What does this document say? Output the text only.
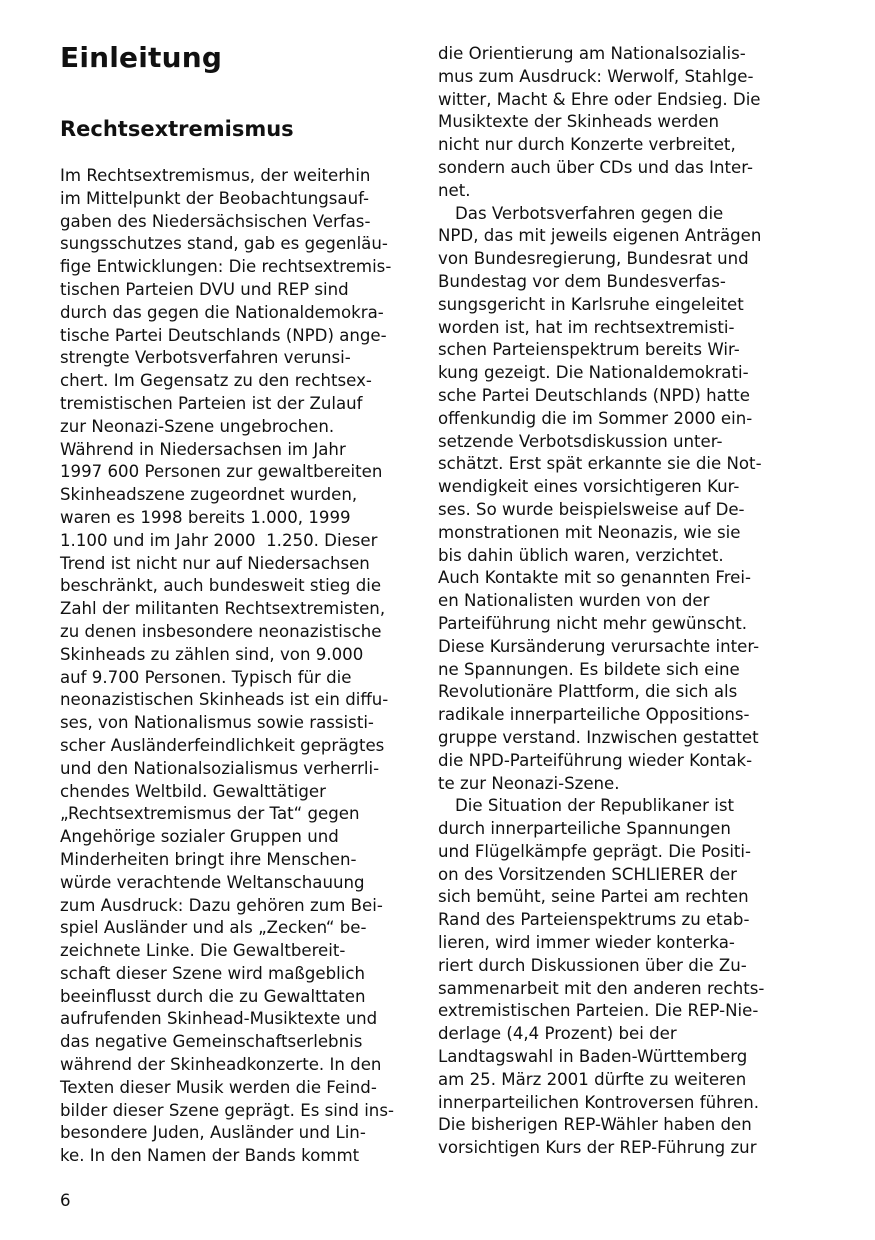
Einleitung
Rechtsextremismus
Im Rechtsextremismus, der weiterhin
im Mittelpunkt der Beobachtungsauf-
gaben des Niedersächsischen Verfas-
sungsschutzes stand, gab es gegenläu-
fige Entwicklungen: Die rechtsextremis-
tischen Parteien DVU und REP sind
durch das gegen die Nationaldemokra-
tische Partei Deutschlands (NPD) ange-
strengte Verbotsverfahren verunsi-
chert. Im Gegensatz zu den rechtsex-
tremistischen Parteien ist der Zulauf
zur Neonazi-Szene ungebrochen.
Während in Niedersachsen im Jahr
1997 600 Personen zur gewaltbereiten
Skinheadszene zugeordnet wurden,
waren es 1998 bereits 1.000, 1999
1.100 und im Jahr 2000  1.250. Dieser
Trend ist nicht nur auf Niedersachsen
beschränkt, auch bundesweit stieg die
Zahl der militanten Rechtsextremisten,
zu denen insbesondere neonazistische
Skinheads zu zählen sind, von 9.000
auf 9.700 Personen. Typisch für die
neonazistischen Skinheads ist ein diffu-
ses, von Nationalismus sowie rassisti-
scher Ausländerfeindlichkeit geprägtes
und den Nationalsozialismus verherrli-
chendes Weltbild. Gewalttätiger
„Rechtsextremismus der Tat“ gegen
Angehörige sozialer Gruppen und
Minderheiten bringt ihre Menschen-
würde verachtende Weltanschauung
zum Ausdruck: Dazu gehören zum Bei-
spiel Ausländer und als „Zecken“ be-
zeichnete Linke. Die Gewaltbereit-
schaft dieser Szene wird maßgeblich
beeinflusst durch die zu Gewalttaten
aufrufenden Skinhead-Musiktexte und
das negative Gemeinschaftserlebnis
während der Skinheadkonzerte. In den
Texten dieser Musik werden die Feind-
bilder dieser Szene geprägt. Es sind ins-
besondere Juden, Ausländer und Lin-
ke. In den Namen der Bands kommt
die Orientierung am Nationalsozialis-
mus zum Ausdruck: Werwolf, Stahlge-
witter, Macht & Ehre oder Endsieg. Die
Musiktexte der Skinheads werden
nicht nur durch Konzerte verbreitet,
sondern auch über CDs und das Inter-
net.
Das Verbotsverfahren gegen die
NPD, das mit jeweils eigenen Anträgen
von Bundesregierung, Bundesrat und
Bundestag vor dem Bundesverfas-
sungsgericht in Karlsruhe eingeleitet
worden ist, hat im rechtsextremisti-
schen Parteienspektrum bereits Wir-
kung gezeigt. Die Nationaldemokrati-
sche Partei Deutschlands (NPD) hatte
offenkundig die im Sommer 2000 ein-
setzende Verbotsdiskussion unter-
schätzt. Erst spät erkannte sie die Not-
wendigkeit eines vorsichtigeren Kur-
ses. So wurde beispielsweise auf De-
monstrationen mit Neonazis, wie sie
bis dahin üblich waren, verzichtet.
Auch Kontakte mit so genannten Frei-
en Nationalisten wurden von der
Parteiführung nicht mehr gewünscht.
Diese Kursänderung verursachte inter-
ne Spannungen. Es bildete sich eine
Revolutionäre Plattform, die sich als
radikale innerparteiliche Oppositions-
gruppe verstand. Inzwischen gestattet
die NPD-Parteiführung wieder Kontak-
te zur Neonazi-Szene.
Die Situation der Republikaner ist
durch innerparteiliche Spannungen
und Flügelkämpfe geprägt. Die Positi-
on des Vorsitzenden SCHLIERER der
sich bemüht, seine Partei am rechten
Rand des Parteienspektrums zu etab-
lieren, wird immer wieder konterka-
riert durch Diskussionen über die Zu-
sammenarbeit mit den anderen rechts-
extremistischen Parteien. Die REP-Nie-
derlage (4,4 Prozent) bei der
Landtagswahl in Baden-Württemberg
am 25. März 2001 dürfte zu weiteren
innerparteilichen Kontroversen führen.
Die bisherigen REP-Wähler haben den
vorsichtigen Kurs der REP-Führung zur
6
